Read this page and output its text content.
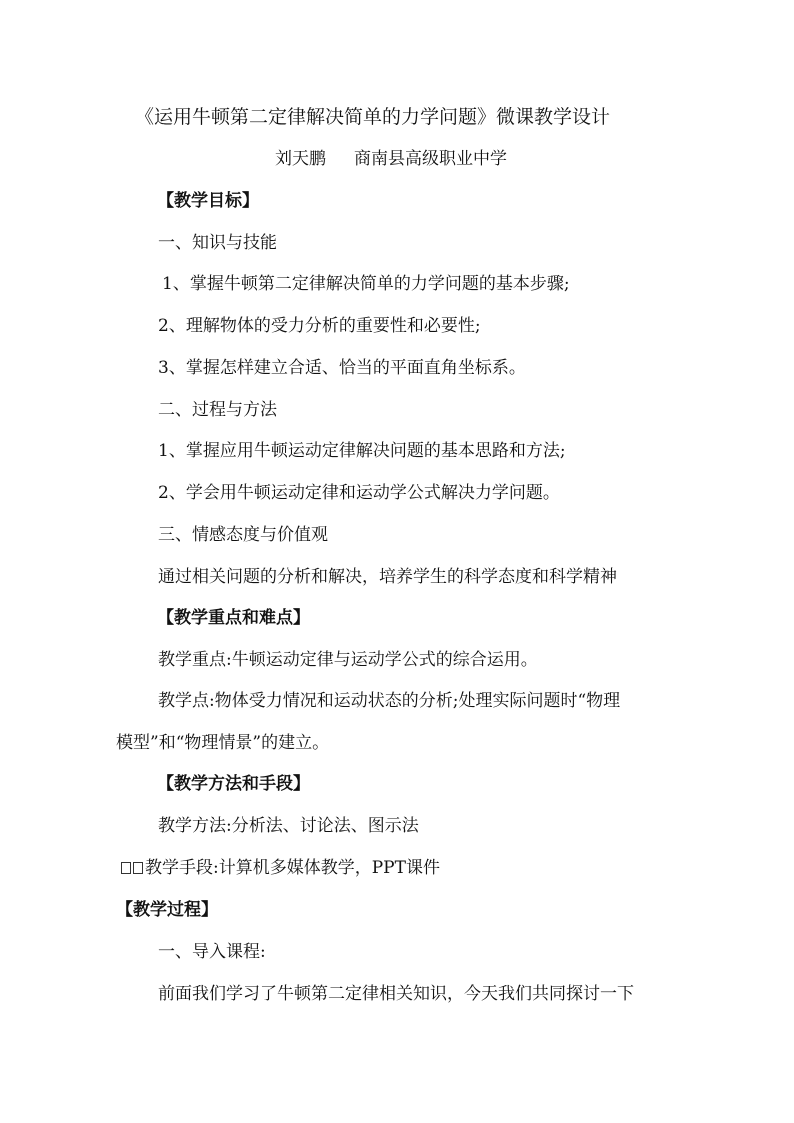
《运用牛顿第二定律解决简单的力学问题》微课教学设计
刘天鹏 商南县高级职业中学
【教学目标】
一、知识与技能
1、掌握牛顿第二定律解决简单的力学问题的基本步骤;
2、理解物体的受力分析的重要性和必要性;
3、掌握怎样建立合适、恰当的平面直角坐标系。
二、过程与方法
1、掌握应用牛顿运动定律解决问题的基本思路和方法;
2、学会用牛顿运动定律和运动学公式解决力学问题。
三、情感态度与价值观
通过相关问题的分析和解决，培养学生的科学态度和科学精神
【教学重点和难点】
教学重点:牛顿运动定律与运动学公式的综合运用。
教学点:物体受力情况和运动状态的分析;处理实际问题时“物理
模型”和“物理情景”的建立。
【教学方法和手段】
教学方法:分析法、讨论法、图示法
教学手段:计算机多媒体教学，PPT课件
【教学过程】
一、导入课程:
前面我们学习了牛顿第二定律相关知识，今天我们共同探讨一下
